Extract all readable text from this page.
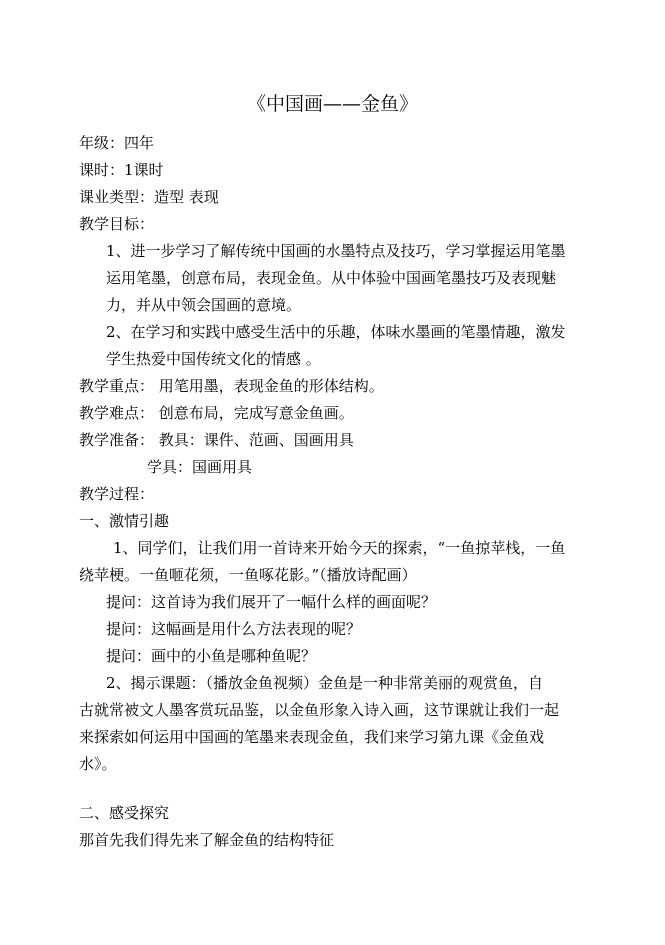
《中国画——金鱼》
年级：四年
课时：1课时
课业类型：造型 表现
教学目标：
1、进一步学习了解传统中国画的水墨特点及技巧，学习掌握运用笔墨
运用笔墨，创意布局，表现金鱼。从中体验中国画笔墨技巧及表现魅
力，并从中领会国画的意境。
2、在学习和实践中感受生活中的乐趣，体味水墨画的笔墨情趣，激发
学生热爱中国传统文化的情感 。
教学重点： 用笔用墨，表现金鱼的形体结构。
教学难点： 创意布局，完成写意金鱼画。
教学准备： 教具：课件、范画、国画用具
学具：国画用具
教学过程：
一、激情引趣
1、同学们，让我们用一首诗来开始今天的探索，“一鱼掠苹栈，一鱼
绕苹梗。一鱼咂花须，一鱼啄花影。”（播放诗配画）
提问：这首诗为我们展开了一幅什么样的画面呢？
提问：这幅画是用什么方法表现的呢？
提问：画中的小鱼是哪种鱼呢？
2、揭示课题：（播放金鱼视频）金鱼是一种非常美丽的观赏鱼，自
古就常被文人墨客赏玩品鉴，以金鱼形象入诗入画，这节课就让我们一起
来探索如何运用中国画的笔墨来表现金鱼，我们来学习第九课《金鱼戏
水》。
二、感受探究
那首先我们得先来了解金鱼的结构特征
